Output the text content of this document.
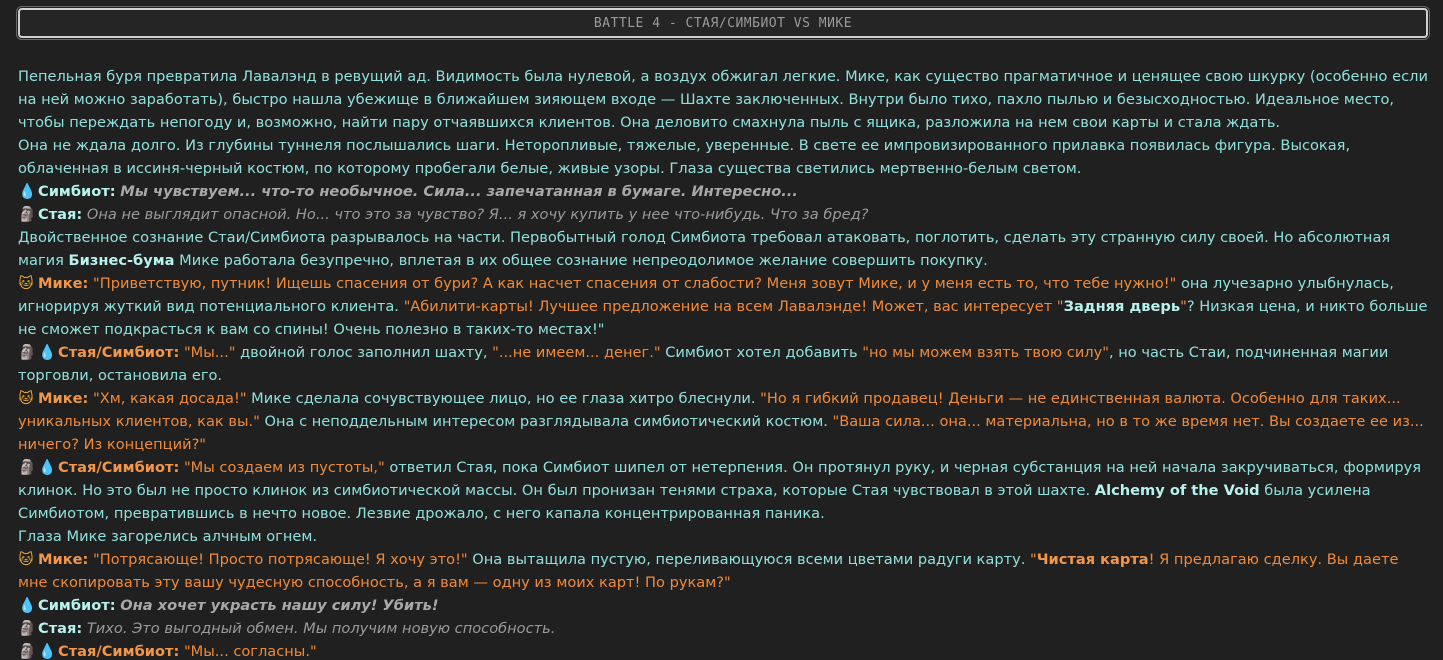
BATTLE 4 - СТАЯ/СИМБИОТ VS МИКЕ

Пепельная буря превратила Лавалэнд в ревущий ад. Видимость была нулевой, а воздух обжигал легкие. Мике, как существо прагматичное и ценящее свою шкурку (особенно если на ней можно заработать), быстро нашла убежище в ближайшем зияющем входе — Шахте заключенных. Внутри было тихо, пахло пылью и безысходностью. Идеальное место, чтобы переждать непогоду и, возможно, найти пару отчаявшихся клиентов. Она деловито смахнула пыль с ящика, разложила на нем свои карты и стала ждать.

Она не ждала долго. Из глубины туннеля послышались шаги. Неторопливые, тяжелые, уверенные. В свете ее импровизированного прилавка появилась фигура. Высокая, облаченная в иссиня-черный костюм, по которому пробегали белые, живые узоры. Глаза существа светились мертвенно-белым светом.

💧 Симбиот: Мы чувствуем... что-то необычное. Сила... запечатанная в бумаге. Интересно...

🗿 Стая: Она не выглядит опасной. Но... что это за чувство? Я... я хочу купить у нее что-нибудь. Что за бред?

Двойственное сознание Стаи/Симбиота разрывалось на части. Первобытный голод Симбиота требовал атаковать, поглотить, сделать эту странную силу своей. Но абсолютная магия Бизнес-бума Мике работала безупречно, вплетая в их общее сознание непреодолимое желание совершить покупку.

🐱 Мике: "Приветствую, путник! Ищешь спасения от бури? А как насчет спасения от слабости? Меня зовут Мике, и у меня есть то, что тебе нужно!" она лучезарно улыбнулась, игнорируя жуткий вид потенциального клиента. "Абилити-карты! Лучшее предложение на всем Лавалэнде! Может, вас интересует "Задняя дверь"? Низкая цена, и никто больше не сможет подкрасться к вам со спины! Очень полезно в таких-то местах!"

🗿 💧 Стая/Симбиот: "Мы..." двойной голос заполнил шахту, "...не имеем... денег." Симбиот хотел добавить "но мы можем взять твою силу", но часть Стаи, подчиненная магии торговли, остановила его.

🐱 Мике: "Хм, какая досада!" Мике сделала сочувствующее лицо, но ее глаза хитро блеснули. "Но я гибкий продавец! Деньги — не единственная валюта. Особенно для таких... уникальных клиентов, как вы." Она с неподдельным интересом разглядывала симбиотический костюм. "Ваша сила... она... материальна, но в то же время нет. Вы создаете ее из... ничего? Из концепций?"

🗿 💧 Стая/Симбиот: "Мы создаем из пустоты," ответил Стая, пока Симбиот шипел от нетерпения. Он протянул руку, и черная субстанция на ней начала закручиваться, формируя клинок. Но это был не просто клинок из симбиотической массы. Он был пронизан тенями страха, которые Стая чувствовал в этой шахте. Alchemy of the Void была усилена Симбиотом, превратившись в нечто новое. Лезвие дрожало, с него капала концентрированная паника.

Глаза Мике загорелись алчным огнем.

🐱 Мике: "Потрясающе! Просто потрясающе! Я хочу это!" Она вытащила пустую, переливающуюся всеми цветами радуги карту. "Чистая карта! Я предлагаю сделку. Вы даете мне скопировать эту вашу чудесную способность, а я вам — одну из моих карт! По рукам?"

💧 Симбиот: Она хочет украсть нашу силу! Убить!

🗿 Стая: Тихо. Это выгодный обмен. Мы получим новую способность.

🗿 💧 Стая/Симбиот: "Мы... согласны."
